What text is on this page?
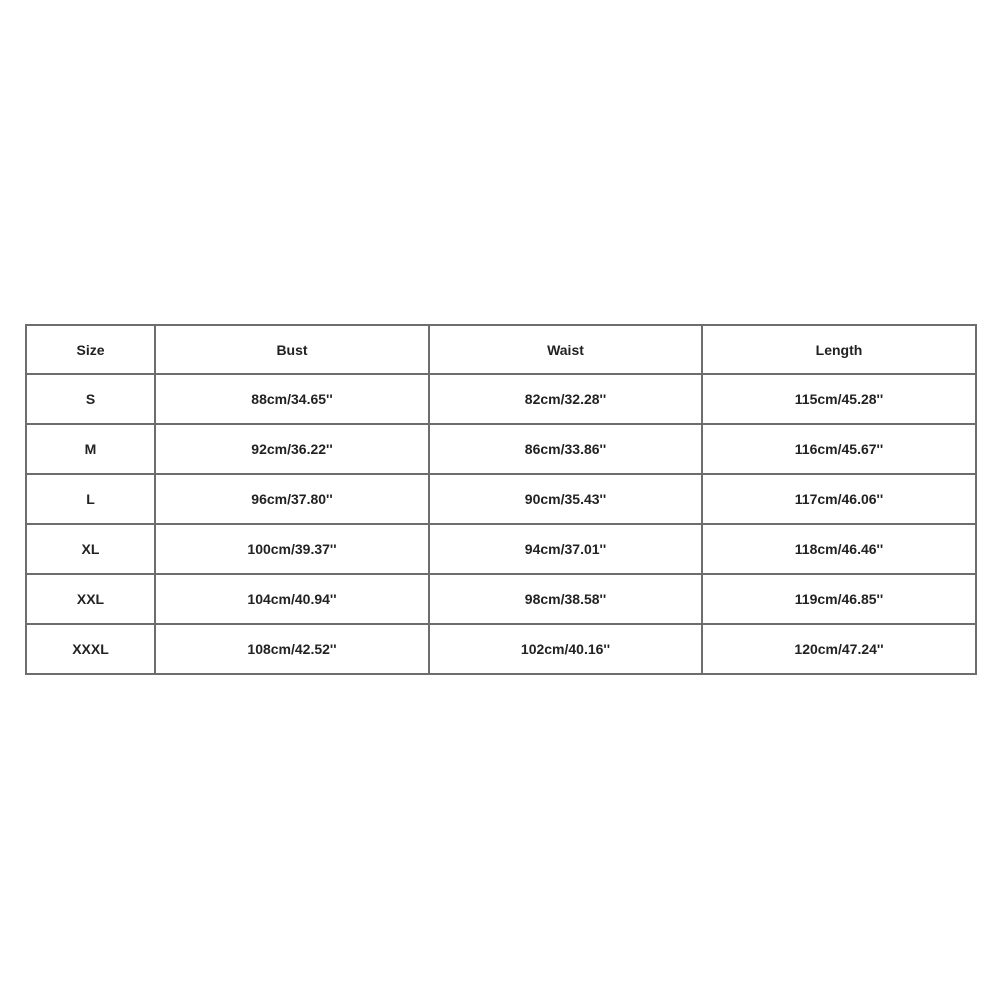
Size	Bust	Waist	Length
S	88cm/34.65''	82cm/32.28''	115cm/45.28''
M	92cm/36.22''	86cm/33.86''	116cm/45.67''
L	96cm/37.80''	90cm/35.43''	117cm/46.06''
XL	100cm/39.37''	94cm/37.01''	118cm/46.46''
XXL	104cm/40.94''	98cm/38.58''	119cm/46.85''
XXXL	108cm/42.52''	102cm/40.16''	120cm/47.24''
